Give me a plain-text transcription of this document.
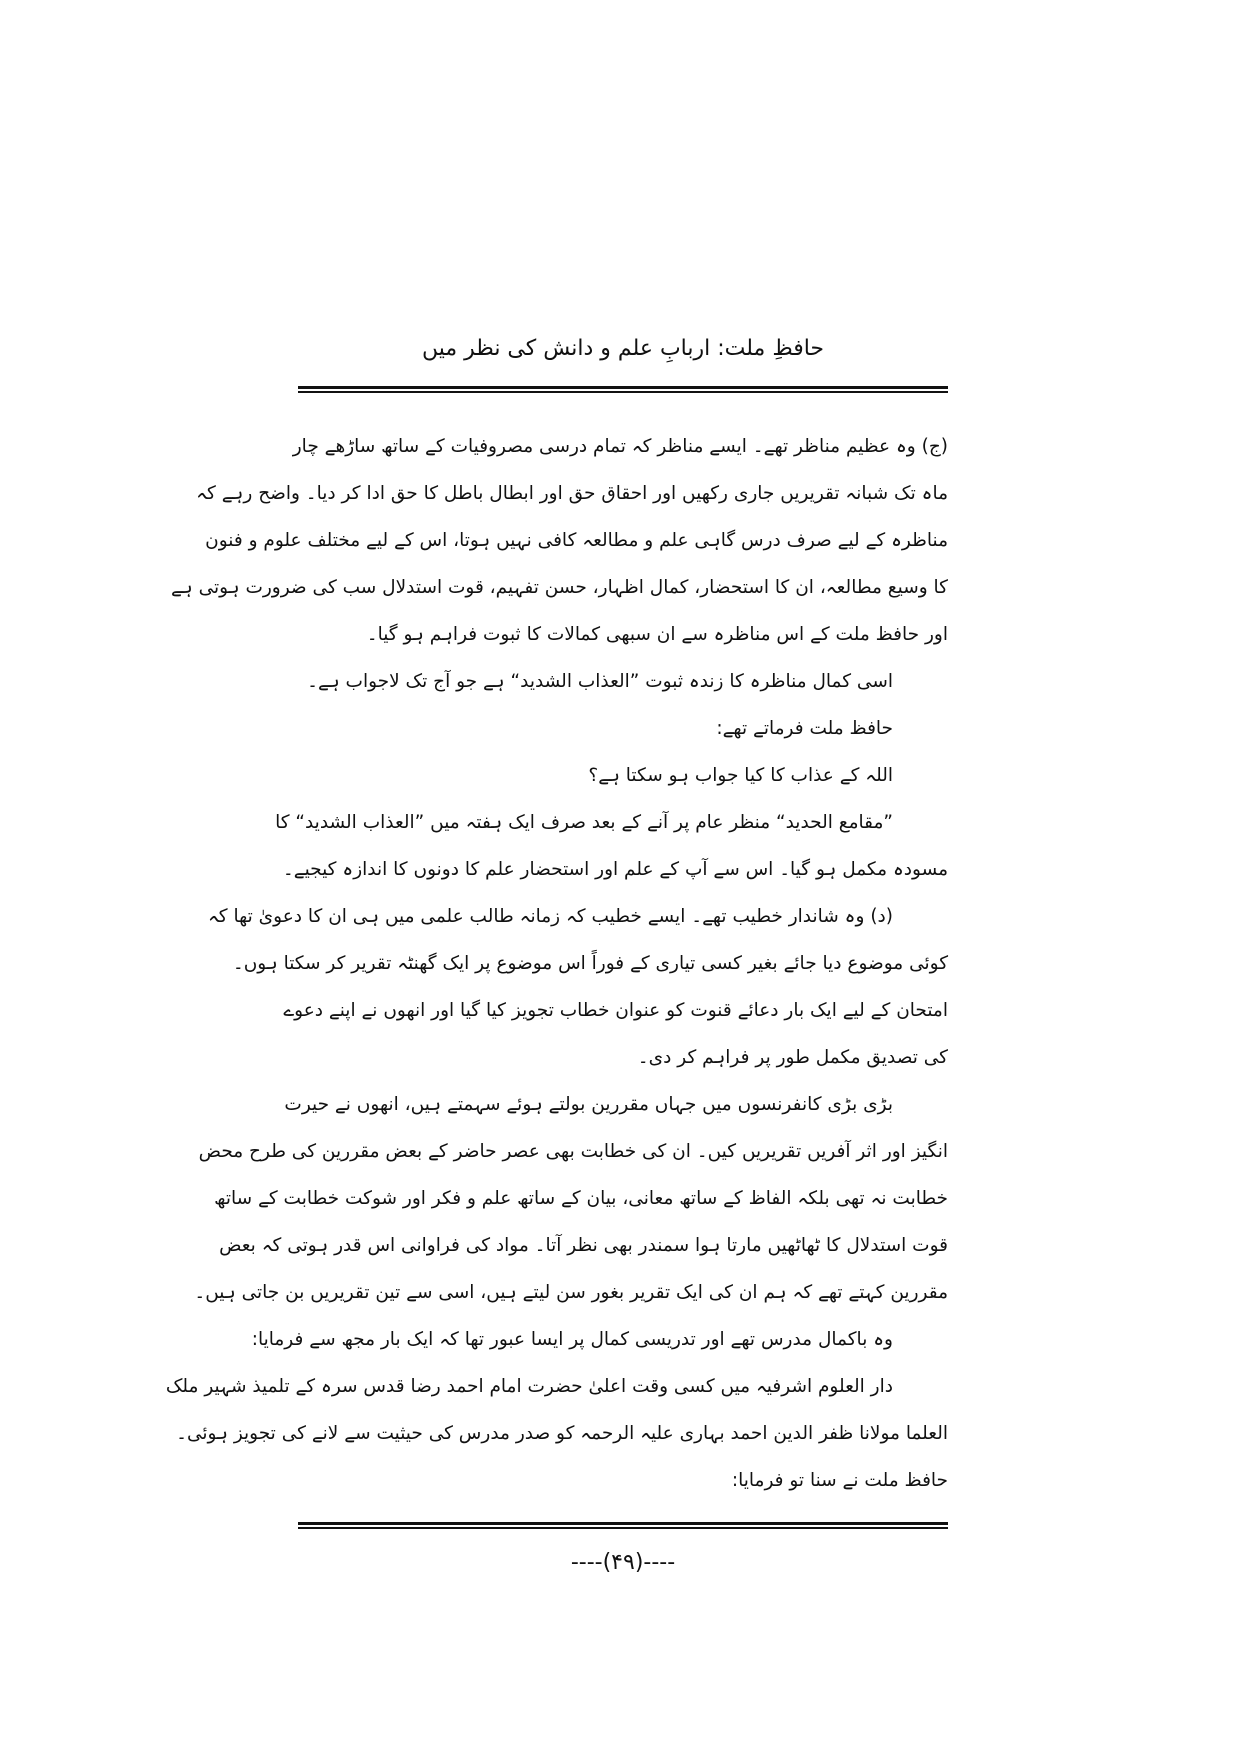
حافظِ ملت: اربابِ علم و دانش کی نظر میں
(ج) وہ عظیم مناظر تھے۔ ایسے مناظر کہ تمام درسی مصروفیات کے ساتھ ساڑھے چار
ماہ تک شبانہ تقریریں جاری رکھیں اور احقاق حق اور ابطال باطل کا حق ادا کر دیا۔ واضح رہے کہ
مناظرہ کے لیے صرف درس گاہی علم و مطالعہ کافی نہیں ہوتا، اس کے لیے مختلف علوم و فنون
کا وسیع مطالعہ، ان کا استحضار، کمال اظہار، حسن تفہیم، قوت استدلال سب کی ضرورت ہوتی ہے
اور حافظ ملت کے اس مناظرہ سے ان سبھی کمالات کا ثبوت فراہم ہو گیا۔
اسی کمال مناظرہ کا زندہ ثبوت ”العذاب الشدید“ ہے جو آج تک لاجواب ہے۔
حافظ ملت فرماتے تھے:
اللہ کے عذاب کا کیا جواب ہو سکتا ہے؟
”مقامع الحدید“ منظر عام پر آنے کے بعد صرف ایک ہفتہ میں ”العذاب الشدید“ کا
مسودہ مکمل ہو گیا۔ اس سے آپ کے علم اور استحضار علم کا دونوں کا اندازہ کیجیے۔
(د) وہ شاندار خطیب تھے۔ ایسے خطیب کہ زمانہ طالب علمی میں ہی ان کا دعویٰ تھا کہ
کوئی موضوع دیا جائے بغیر کسی تیاری کے فوراً اس موضوع پر ایک گھنٹہ تقریر کر سکتا ہوں۔
امتحان کے لیے ایک بار دعائے قنوت کو عنوان خطاب تجویز کیا گیا اور انھوں نے اپنے دعوے
کی تصدیق مکمل طور پر فراہم کر دی۔
بڑی بڑی کانفرنسوں میں جہاں مقررین بولتے ہوئے سہمتے ہیں، انھوں نے حیرت
انگیز اور اثر آفریں تقریریں کیں۔ ان کی خطابت بھی عصر حاضر کے بعض مقررین کی طرح محض
خطابت نہ تھی بلکہ الفاظ کے ساتھ معانی، بیان کے ساتھ علم و فکر اور شوکت خطابت کے ساتھ
قوت استدلال کا ٹھاٹھیں مارتا ہوا سمندر بھی نظر آتا۔ مواد کی فراوانی اس قدر ہوتی کہ بعض
مقررین کہتے تھے کہ ہم ان کی ایک تقریر بغور سن لیتے ہیں، اسی سے تین تقریریں بن جاتی ہیں۔
وہ باکمال مدرس تھے اور تدریسی کمال پر ایسا عبور تھا کہ ایک بار مجھ سے فرمایا:
دار العلوم اشرفیہ میں کسی وقت اعلیٰ حضرت امام احمد رضا قدس سرہ کے تلمیذ شہیر ملک
العلما مولانا ظفر الدین احمد بہاری علیہ الرحمہ کو صدر مدرس کی حیثیت سے لانے کی تجویز ہوئی۔
حافظ ملت نے سنا تو فرمایا:
----(۴۹)----
